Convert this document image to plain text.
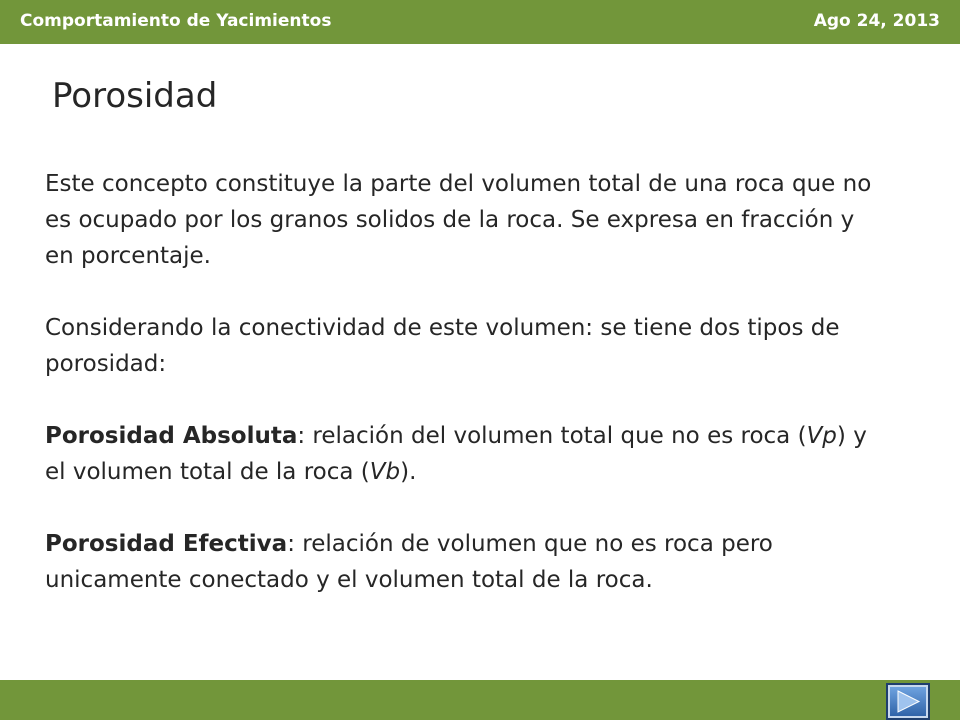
Comportamiento de Yacimientos	Ago 24, 2013
Porosidad

Este concepto constituye la parte del volumen total de una roca que no es ocupado por los granos solidos de la roca. Se expresa en fracción y en porcentaje.

Considerando la conectividad de este volumen: se tiene dos tipos de porosidad:

Porosidad Absoluta: relación del volumen total que no es roca (Vp) y el volumen total de la roca (Vb).

Porosidad Efectiva: relación de volumen que no es roca pero unicamente conectado y el volumen total de la roca.
